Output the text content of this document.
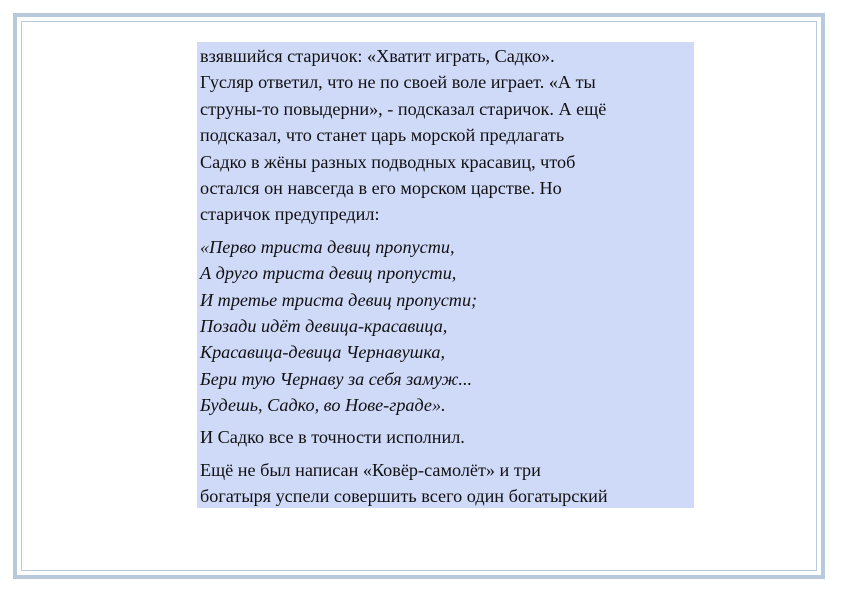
взявшийся старичок: «Хватит играть, Садко».
Гусляр ответил, что не по своей воле играет. «А ты
струны-то повыдерни», - подсказал старичок. А ещё
подсказал, что станет царь морской предлагать
Садко в жёны разных подводных красавиц, чтоб
остался он навсегда в его морском царстве. Но
старичок предупредил:
«Перво триста девиц пропусти,
А друго триста девиц пропусти,
И третье триста девиц пропусти;
Позади идёт девица-красавица,
Красавица-девица Чернавушка,
Бери тую Чернаву за себя замуж...
Будешь, Садко, во Нове-граде».
И Садко все в точности исполнил.
Ещё не был написан «Ковёр-самолёт» и три
богатыря успели совершить всего один богатырский
